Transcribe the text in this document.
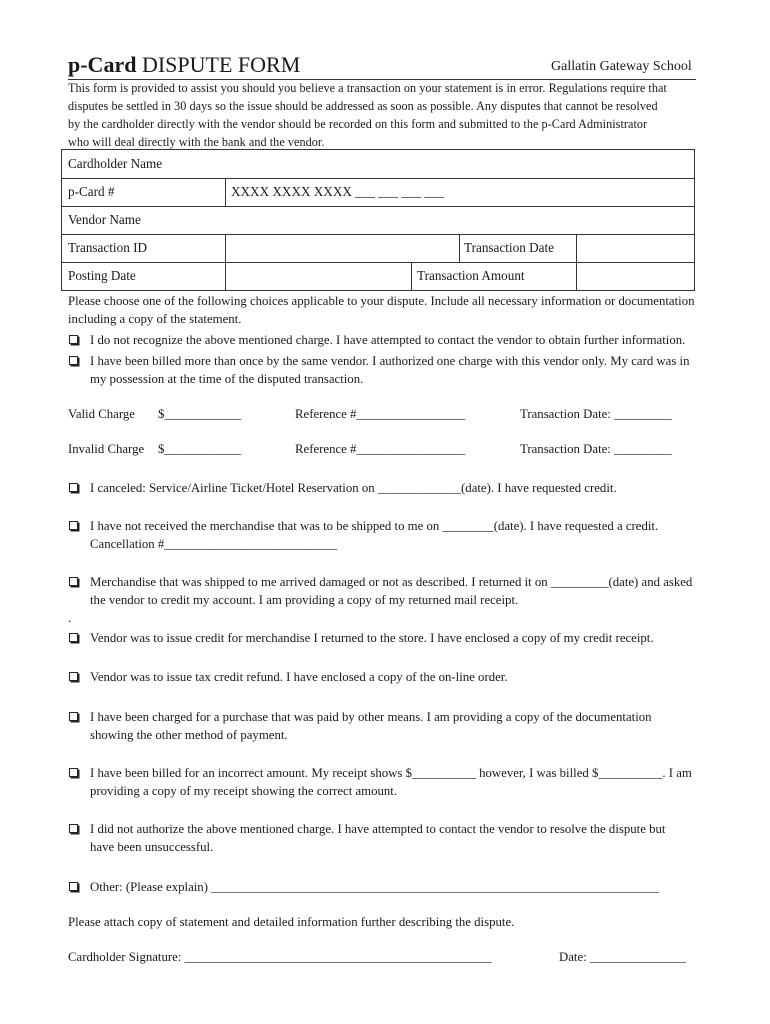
p-Card DISPUTE FORM	Gallatin Gateway School
This form is provided to assist you should you believe a transaction on your statement is in error. Regulations require that
disputes be settled in 30 days so the issue should be addressed as soon as possible. Any disputes that cannot be resolved
by the cardholder directly with the vendor should be recorded on this form and submitted to the p-Card Administrator
who will deal directly with the bank and the vendor.
Cardholder Name
p-Card #	XXXX XXXX XXXX ___ ___ ___ ___
Vendor Name
Transaction ID	Transaction Date
Posting Date	Transaction Amount
Please choose one of the following choices applicable to your dispute. Include all necessary information or documentation
including a copy of the statement.
I do not recognize the above mentioned charge. I have attempted to contact the vendor to obtain further information.
I have been billed more than once by the same vendor. I authorized one charge with this vendor only. My card was in
my possession at the time of the disputed transaction.
Valid Charge $____________	Reference #_________________	Transaction Date: _________
Invalid Charge $____________	Reference #_________________	Transaction Date: _________
I canceled: Service/Airline Ticket/Hotel Reservation on _____________(date). I have requested credit.
I have not received the merchandise that was to be shipped to me on ________(date). I have requested a credit.
Cancellation #___________________________
Merchandise that was shipped to me arrived damaged or not as described. I returned it on _________(date) and asked
the vendor to credit my account. I am providing a copy of my returned mail receipt.
.
Vendor was to issue credit for merchandise I returned to the store. I have enclosed a copy of my credit receipt.
Vendor was to issue tax credit refund. I have enclosed a copy of the on-line order.
I have been charged for a purchase that was paid by other means. I am providing a copy of the documentation
showing the other method of payment.
I have been billed for an incorrect amount. My receipt shows $__________ however, I was billed $__________. I am
providing a copy of my receipt showing the correct amount.
I did not authorize the above mentioned charge. I have attempted to contact the vendor to resolve the dispute but
have been unsuccessful.
Other: (Please explain) ______________________________________________________________________
Please attach copy of statement and detailed information further describing the dispute.
Cardholder Signature: ________________________________________________	Date: _______________
